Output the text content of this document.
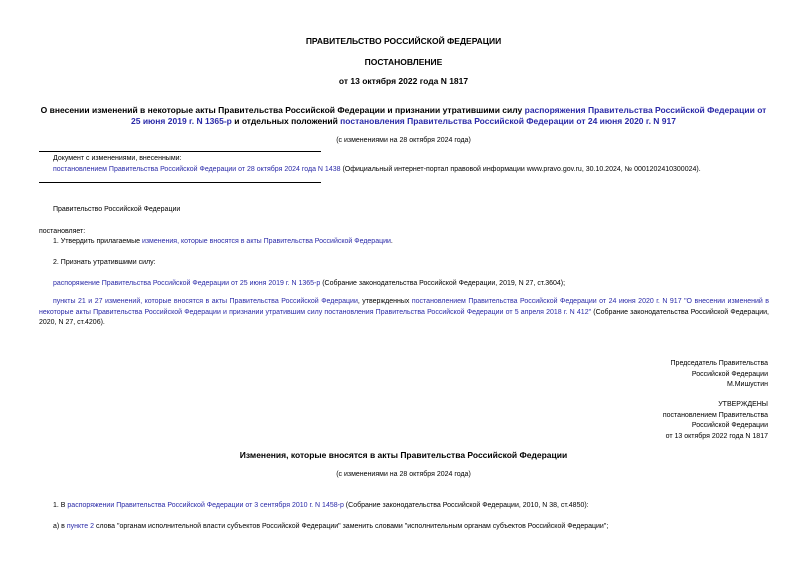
ПРАВИТЕЛЬСТВО РОССИЙСКОЙ ФЕДЕРАЦИИ
ПОСТАНОВЛЕНИЕ
от 13 октября 2022 года N 1817
О внесении изменений в некоторые акты Правительства Российской Федерации и признании утратившими силу распоряжения Правительства Российской Федерации от 25 июня 2019 г. N 1365-р и отдельных положений постановления Правительства Российской Федерации от 24 июня 2020 г. N 917
(с изменениями на 28 октября 2024 года)
Документ с изменениями, внесенными:
постановлением Правительства Российской Федерации от 28 октября 2024 года N 1438 (Официальный интернет-портал правовой информации www.pravo.gov.ru, 30.10.2024, № 0001202410300024).
Правительство Российской Федерации
постановляет:
1. Утвердить прилагаемые изменения, которые вносятся в акты Правительства Российской Федерации.
2. Признать утратившими силу:
распоряжение Правительства Российской Федерации от 25 июня 2019 г. N 1365-р (Собрание законодательства Российской Федерации, 2019, N 27, ст.3604);
пункты 21 и 27 изменений, которые вносятся в акты Правительства Российской Федерации, утвержденных постановлением Правительства Российской Федерации от 24 июня 2020 г. N 917 "О внесении изменений в некоторые акты Правительства Российской Федерации и признании утратившим силу постановления Правительства Российской Федерации от 5 апреля 2018 г. N 412" (Собрание законодательства Российской Федерации, 2020, N 27, ст.4206).
Председатель Правительства
Российской Федерации
М.Мишустин
УТВЕРЖДЕНЫ
постановлением Правительства
Российской Федерации
от 13 октября 2022 года N 1817
Изменения, которые вносятся в акты Правительства Российской Федерации
(с изменениями на 28 октября 2024 года)
1. В распоряжении Правительства Российской Федерации от 3 сентября 2010 г. N 1458-р (Собрание законодательства Российской Федерации, 2010, N 38, ст.4850):
а) в пункте 2 слова "органам исполнительной власти субъектов Российской Федерации" заменить словами "исполнительным органам субъектов Российской Федерации";
